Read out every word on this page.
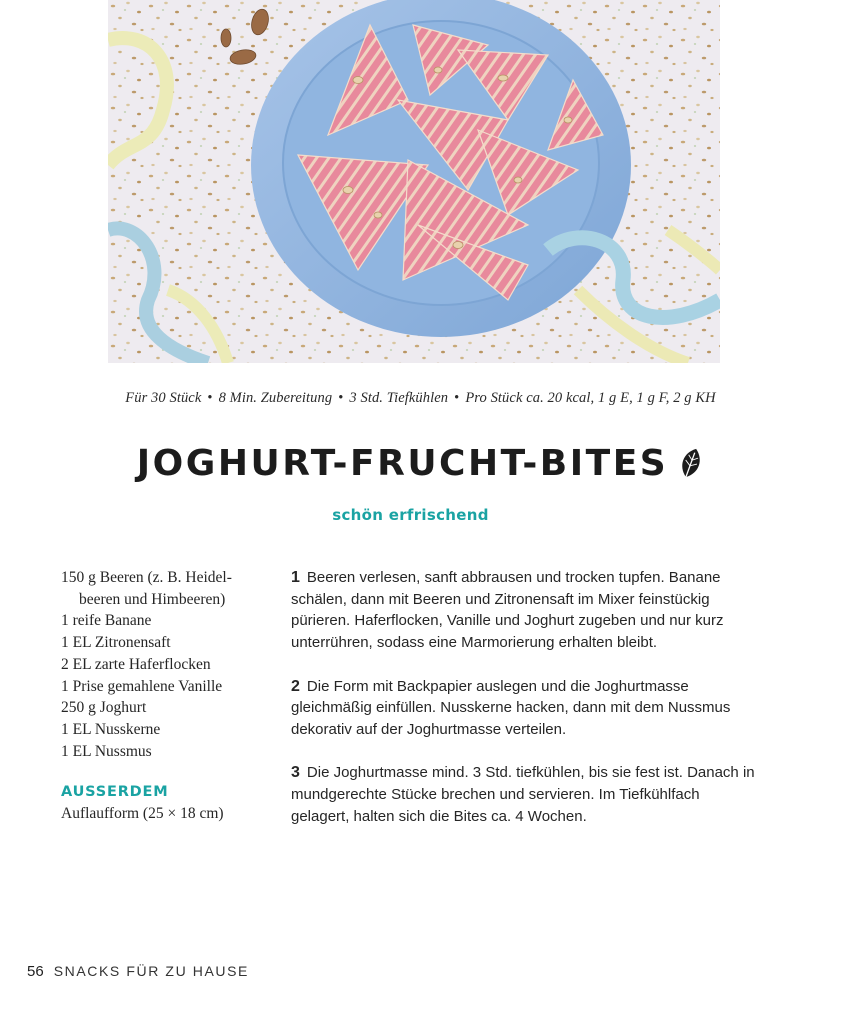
Für 30 Stück • 8 Min. Zubereitung • 3 Std. Tiefkühlen • Pro Stück ca. 20 kcal, 1 g E, 1 g F, 2 g KH
JOGHURT-FRUCHT-BITES
schön erfrischend
150 g Beeren (z. B. Heidel-
beeren und Himbeeren)
1 reife Banane
1 EL Zitronensaft
2 EL zarte Haferflocken
1 Prise gemahlene Vanille
250 g Joghurt
1 EL Nusskerne
1 EL Nussmus
AUSSERDEM
Auflaufform (25 × 18 cm)
1 Beeren verlesen, sanft abbrausen und trocken tupfen. Banane schälen, dann mit Beeren und Zitronensaft im Mixer feinstückig pürieren. Haferflocken, Vanille und Joghurt zugeben und nur kurz unterrühren, sodass eine Marmorierung erhalten bleibt.
2 Die Form mit Backpapier auslegen und die Joghurtmasse gleichmäßig einfüllen. Nusskerne hacken, dann mit dem Nussmus dekorativ auf der Joghurtmasse verteilen.
3 Die Joghurtmasse mind. 3 Std. tiefkühlen, bis sie fest ist. Danach in mundgerechte Stücke brechen und servieren. Im Tiefkühlfach gelagert, halten sich die Bites ca. 4 Wochen.
56 SNACKS FÜR ZU HAUSE
